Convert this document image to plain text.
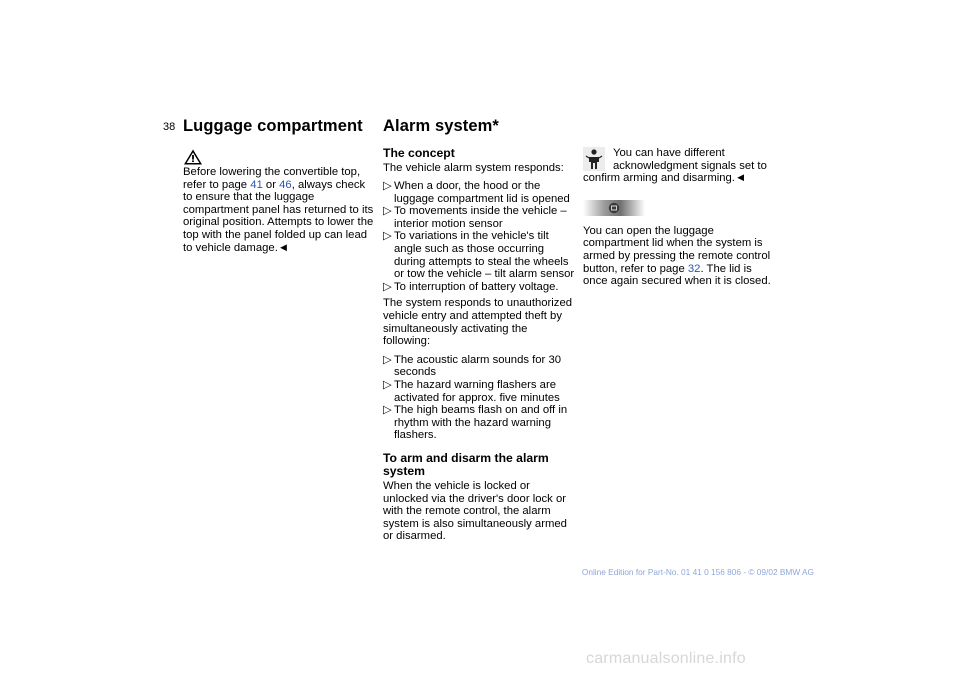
38 Luggage compartment

Before lowering the convertible top, refer to page 41 or 46, always check to ensure that the luggage compartment panel has returned to its original position. Attempts to lower the top with the panel folded up can lead to vehicle damage.◄

Alarm system*
The concept

The vehicle alarm system responds:

▷ When a door, the hood or the luggage compartment lid is opened
▷ To movements inside the vehicle – interior motion sensor
▷ To variations in the vehicle's tilt angle such as those occurring during attempts to steal the wheels or tow the vehicle – tilt alarm sensor
▷ To interruption of battery voltage.

The system responds to unauthorized vehicle entry and attempted theft by simultaneously activating the following:

▷ The acoustic alarm sounds for 30 seconds
▷ The hazard warning flashers are activated for approx. five minutes
▷ The high beams flash on and off in rhythm with the hazard warning flashers.
To arm and disarm the alarm system

When the vehicle is locked or unlocked via the driver's door lock or with the remote control, the alarm system is also simultaneously armed or disarmed.

You can have different acknowledgment signals set to confirm arming and disarming.◄

You can open the luggage compartment lid when the system is armed by pressing the remote control button, refer to page 32. The lid is once again secured when it is closed.

Online Edition for Part-No. 01 41 0 156 806 - © 09/02 BMW AG
carmanualsonline.info
